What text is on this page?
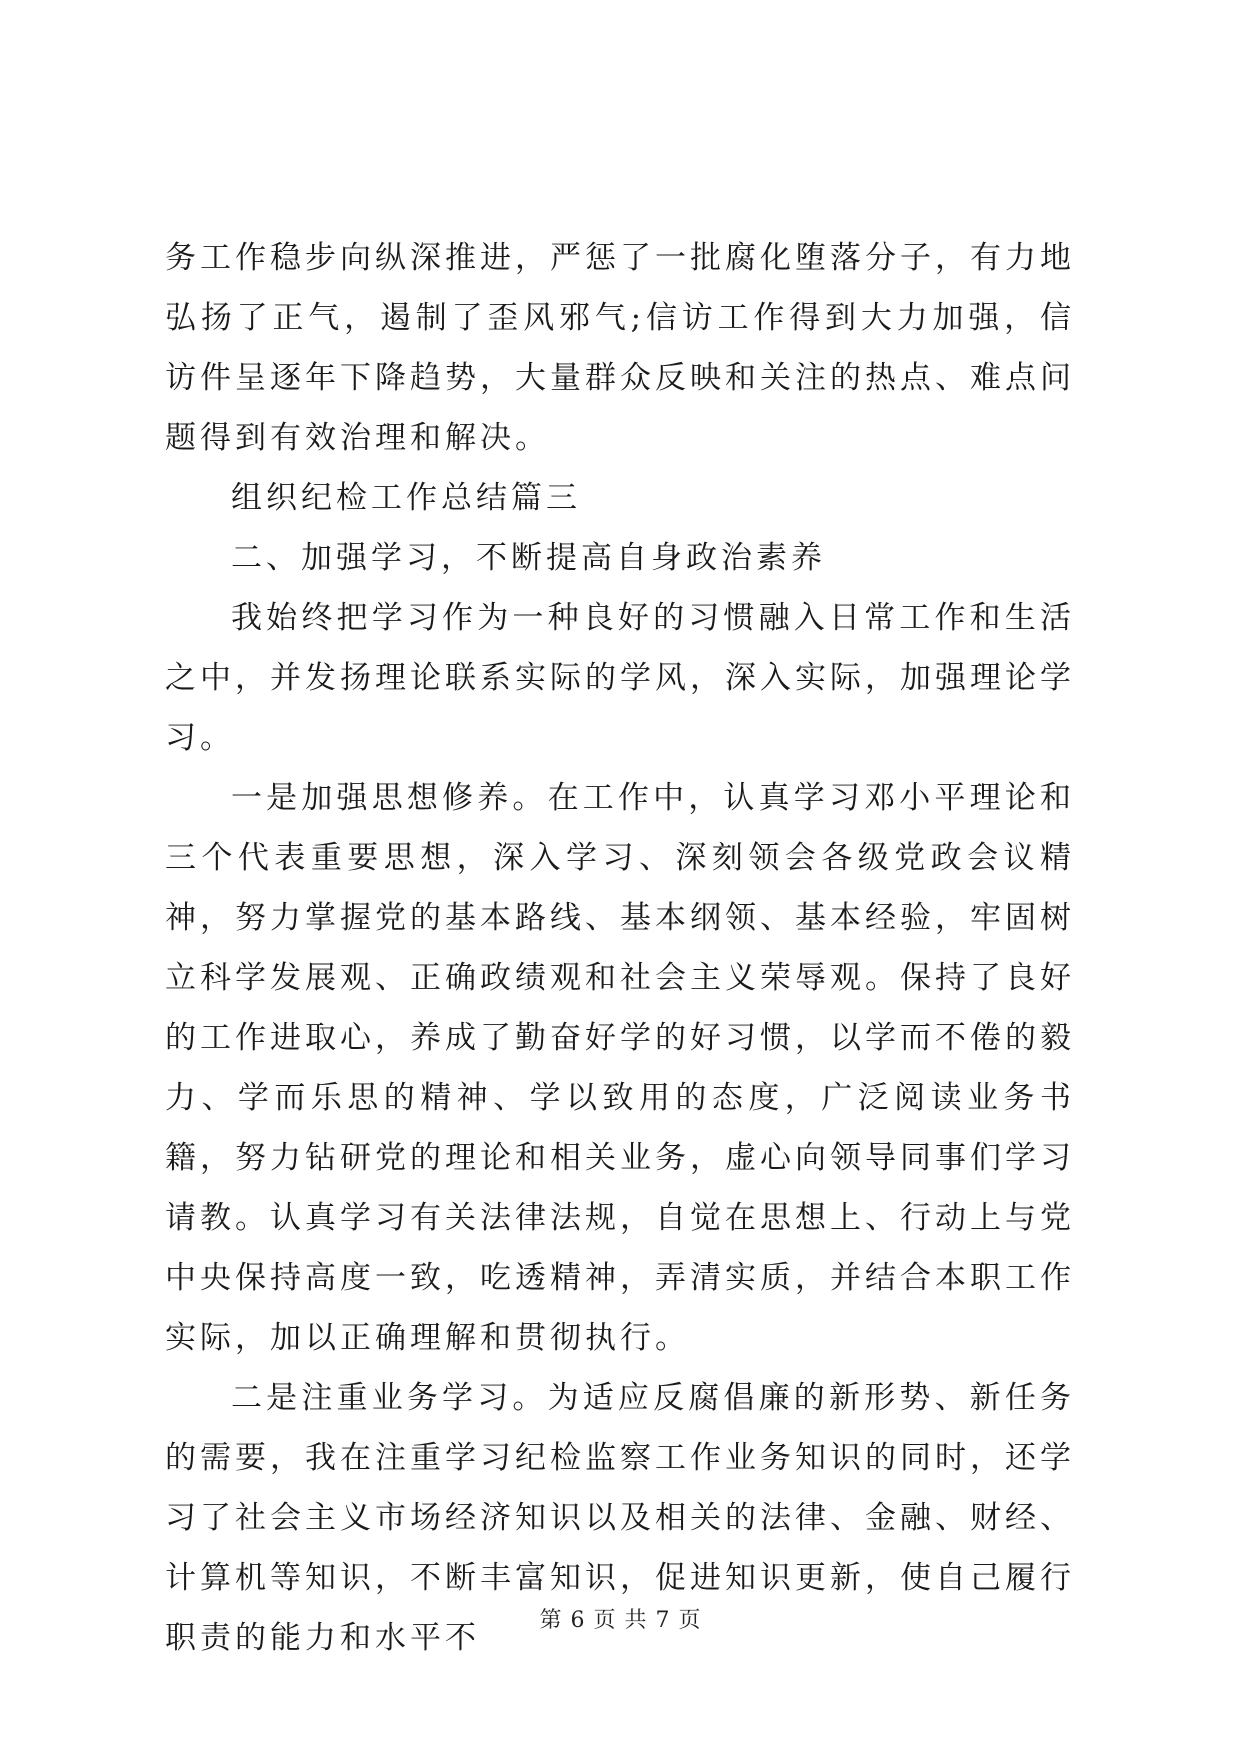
务工作稳步向纵深推进，严惩了一批腐化堕落分子，有力地弘扬了正气，遏制了歪风邪气;信访工作得到大力加强，信访件呈逐年下降趋势，大量群众反映和关注的热点、难点问题得到有效治理和解决。

组织纪检工作总结篇三

二、加强学习，不断提高自身政治素养

我始终把学习作为一种良好的习惯融入日常工作和生活之中，并发扬理论联系实际的学风，深入实际，加强理论学习。

一是加强思想修养。在工作中，认真学习邓小平理论和三个代表重要思想，深入学习、深刻领会各级党政会议精神，努力掌握党的基本路线、基本纲领、基本经验，牢固树立科学发展观、正确政绩观和社会主义荣辱观。保持了良好的工作进取心，养成了勤奋好学的好习惯，以学而不倦的毅力、学而乐思的精神、学以致用的态度，广泛阅读业务书籍，努力钻研党的理论和相关业务，虚心向领导同事们学习请教。认真学习有关法律法规，自觉在思想上、行动上与党中央保持高度一致，吃透精神，弄清实质，并结合本职工作实际，加以正确理解和贯彻执行。

二是注重业务学习。为适应反腐倡廉的新形势、新任务的需要，我在注重学习纪检监察工作业务知识的同时，还学习了社会主义市场经济知识以及相关的法律、金融、财经、计算机等知识，不断丰富知识，促进知识更新，使自己履行职责的能力和水平不	第 6 页 共 7 页
